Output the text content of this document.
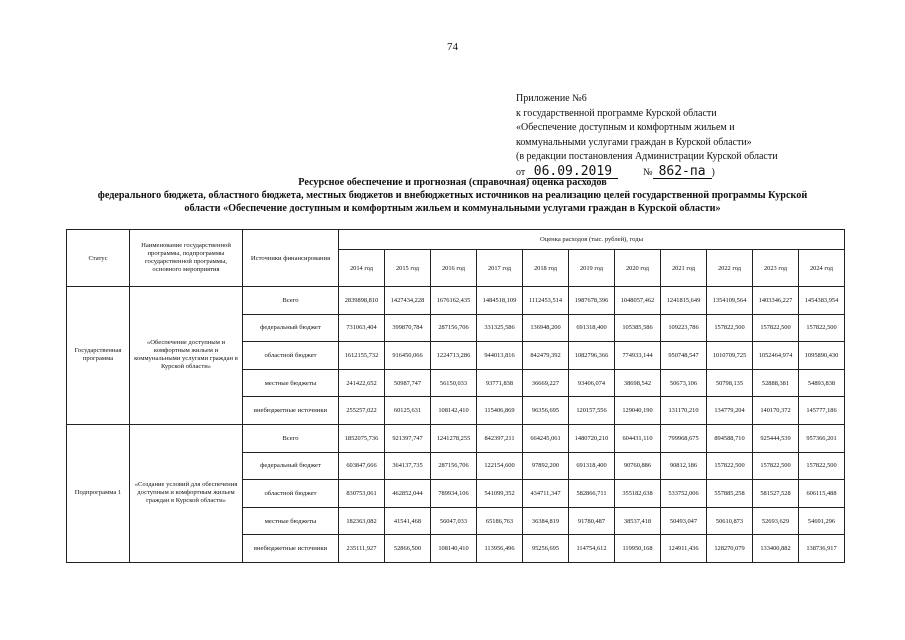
74
Приложение №6
к государственной программе Курской области
«Обеспечение доступным и комфортным жильем и
коммунальными услугами граждан в Курской области»
(в редакции постановления Администрации Курской области
от 06.09.2019	№ 862-па )
Ресурсное обеспечение и прогнозная (справочная) оценка расходов
федерального бюджета, областного бюджета, местных бюджетов и внебюджетных источников на реализацию целей государственной программы Курской
области «Обеспечение доступным и комфортным жильем и коммунальными услугами граждан в Курской области»
Статус	Наименование государственной программы, подпрограммы государственной программы, основного мероприятия	Источники финансирования	Оценка расходов (тыс. рублей), годы										
			2014 год	2015 год	2016 год	2017 год	2018 год	2019 год	2020 год	2021 год	2022 год	2023 год	2024 год
Государственная программа	«Обеспечение доступным и комфортным жильем и коммунальными услугами граждан в Курской области»	Всего	2839898,810	1427434,228	1676162,435	1484518,109	1112453,514	1987678,396	1048057,462	1241815,649	1354109,564	1403346,227	1454383,954
		федеральный бюджет	731063,404	399870,784	287156,706	331325,586	136948,200	691318,400	105385,586	109223,786	157822,500	157822,500	157822,500
		областной бюджет	1612155,732	916450,066	1224713,286	944013,816	842479,392	1082796,366	774933,144	950748,547	1010709,725	1052464,974	1095890,430
		местные бюджеты	241422,652	50987,747	56150,033	93771,838	36669,227	93406,074	38698,542	50673,106	50798,135	52888,381	54893,838
		внебюджетные источники	255257,022	60125,631	108142,410	115406,869	96356,695	120157,556	129040,190	131170,210	134779,204	140170,372	145777,186
Подпрограмма 1	«Создание условий для обеспечения доступным и комфортным жильем граждан в Курской области»	Всего	1852075,736	921397,747	1241278,255	842397,211	664245,061	1480720,210	604431,110	799968,675	894588,710	925444,539	957366,201
		федеральный бюджет	603847,666	364137,735	287156,706	122154,600	97892,200	691318,400	90760,886	90812,186	157822,500	157822,500	157822,500
		областной бюджет	830753,061	462852,044	789934,106	541099,352	434711,347	582866,711	355182,638	533752,006	557885,258	581527,528	606115,488
		местные бюджеты	182363,082	41541,468	56047,033	65186,763	36384,819	91780,487	38537,418	50493,047	50610,873	52693,629	54691,296
		внебюджетные источники	235111,927	52866,500	108140,410	113956,496	95256,695	114754,612	119950,168	124911,436	128270,079	133400,882	138736,917
